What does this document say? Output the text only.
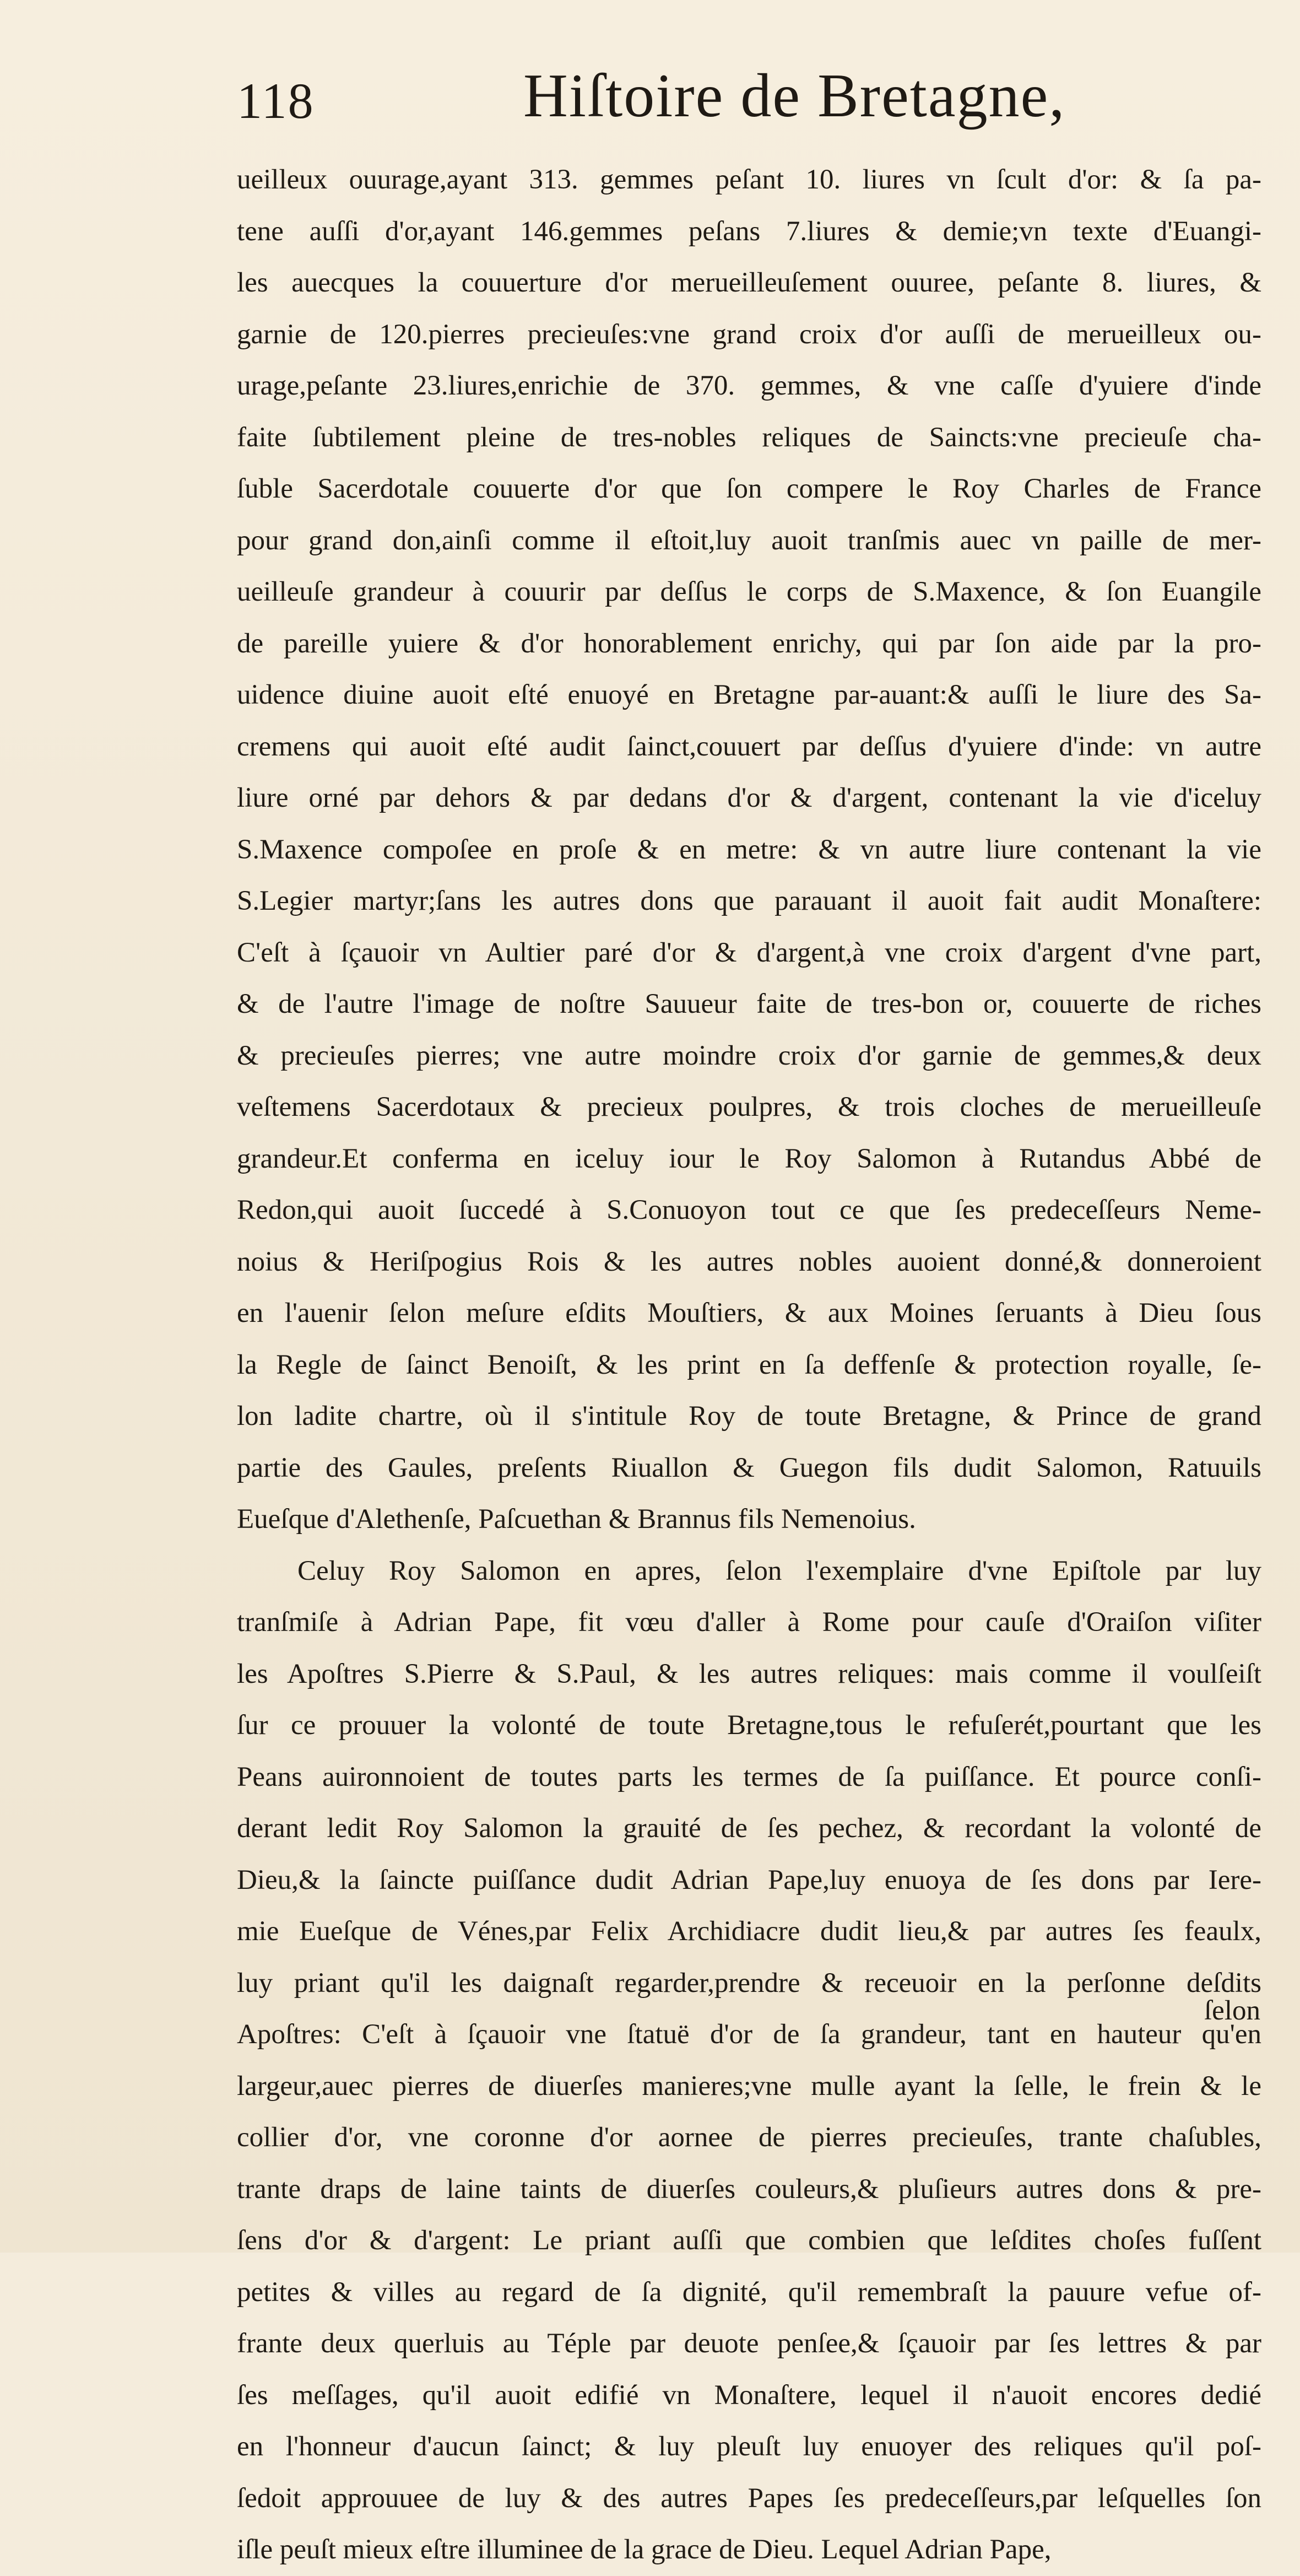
118	Hiſtoire de Bretagne,
ueilleux ouurage,ayant 313. gemmes peſant 10. liures vn ſcult d'or: & ſa pa-
tene auſſi d'or,ayant 146.gemmes peſans 7.liures & demie;vn texte d'Euangi-
les auecques la couuerture d'or merueilleuſement ouuree, peſante 8. liures, &
garnie de 120.pierres precieuſes:vne grand croix d'or auſſi de merueilleux ou-
urage,peſante 23.liures,enrichie de 370. gemmes, & vne caſſe d'yuiere d'inde
faite ſubtilement pleine de tres-nobles reliques de Saincts:vne precieuſe cha-
ſuble Sacerdotale couuerte d'or que ſon compere le Roy Charles de France
pour grand don,ainſi comme il eſtoit,luy auoit tranſmis auec vn paille de mer-
ueilleuſe grandeur à couurir par deſſus le corps de S.Maxence, & ſon Euangile
de pareille yuiere & d'or honorablement enrichy, qui par ſon aide par la pro-
uidence diuine auoit eſté enuoyé en Bretagne par-auant:& auſſi le liure des Sa-
cremens qui auoit eſté audit ſainct,couuert par deſſus d'yuiere d'inde: vn autre
liure orné par dehors & par dedans d'or & d'argent, contenant la vie d'iceluy
S.Maxence compoſee en proſe & en metre: & vn autre liure contenant la vie
S.Legier martyr;ſans les autres dons que parauant il auoit fait audit Monaſtere:
C'eſt à ſçauoir vn Aultier paré d'or & d'argent,à vne croix d'argent d'vne part,
& de l'autre l'image de noſtre Sauueur faite de tres-bon or, couuerte de riches
& precieuſes pierres; vne autre moindre croix d'or garnie de gemmes,& deux
veſtemens Sacerdotaux & precieux poulpres, & trois cloches de merueilleuſe
grandeur.Et conferma en iceluy iour le Roy Salomon à Rutandus Abbé de
Redon,qui auoit ſuccedé à S.Conuoyon tout ce que ſes predeceſſeurs Neme-
noius & Heriſpogius Rois & les autres nobles auoient donné,& donneroient
en l'auenir ſelon meſure eſdits Mouſtiers, & aux Moines ſeruants à Dieu ſous
la Regle de ſainct Benoiſt, & les print en ſa deffenſe & protection royalle, ſe-
lon ladite chartre, où il s'intitule Roy de toute Bretagne, & Prince de grand
partie des Gaules, preſents Riuallon & Guegon fils dudit Salomon, Ratuuils
Eueſque d'Alethenſe, Paſcuethan & Brannus fils Nemenoius.
Celuy Roy Salomon en apres, ſelon l'exemplaire d'vne Epiſtole par luy
tranſmiſe à Adrian Pape, fit vœu d'aller à Rome pour cauſe d'Oraiſon viſiter
les Apoſtres S.Pierre & S.Paul, & les autres reliques: mais comme il voulſeiſt
ſur ce prouuer la volonté de toute Bretagne,tous le refuſerét,pourtant que les
Peans auironnoient de toutes parts les termes de ſa puiſſance. Et pource conſi-
derant ledit Roy Salomon la grauité de ſes pechez, & recordant la volonté de
Dieu,& la ſaincte puiſſance dudit Adrian Pape,luy enuoya de ſes dons par Iere-
mie Eueſque de Vénes,par Felix Archidiacre dudit lieu,& par autres ſes feaulx,
luy priant qu'il les daignaſt regarder,prendre & receuoir en la perſonne deſdits
Apoſtres: C'eſt à ſçauoir vne ſtatuë d'or de ſa grandeur, tant en hauteur qu'en
largeur,auec pierres de diuerſes manieres;vne mulle ayant la ſelle, le frein & le
collier d'or, vne coronne d'or aornee de pierres precieuſes, trante chaſubles,
trante draps de laine taints de diuerſes couleurs,& pluſieurs autres dons & pre-
ſens d'or & d'argent: Le priant auſſi que combien que leſdites choſes fuſſent
petites & villes au regard de ſa dignité, qu'il remembraſt la pauure vefue of-
frante deux querluis au Téple par deuote penſee,& ſçauoir par ſes lettres & par
ſes meſſages, qu'il auoit edifié vn Monaſtere, lequel il n'auoit encores dedié
en l'honneur d'aucun ſainct; & luy pleuſt luy enuoyer des reliques qu'il poſ-
ſedoit approuuee de luy & des autres Papes ſes predeceſſeurs,par leſquelles ſon
iſle peuſt mieux eſtre illuminee de la grace de Dieu. Lequel Adrian Pape,
ſelon
